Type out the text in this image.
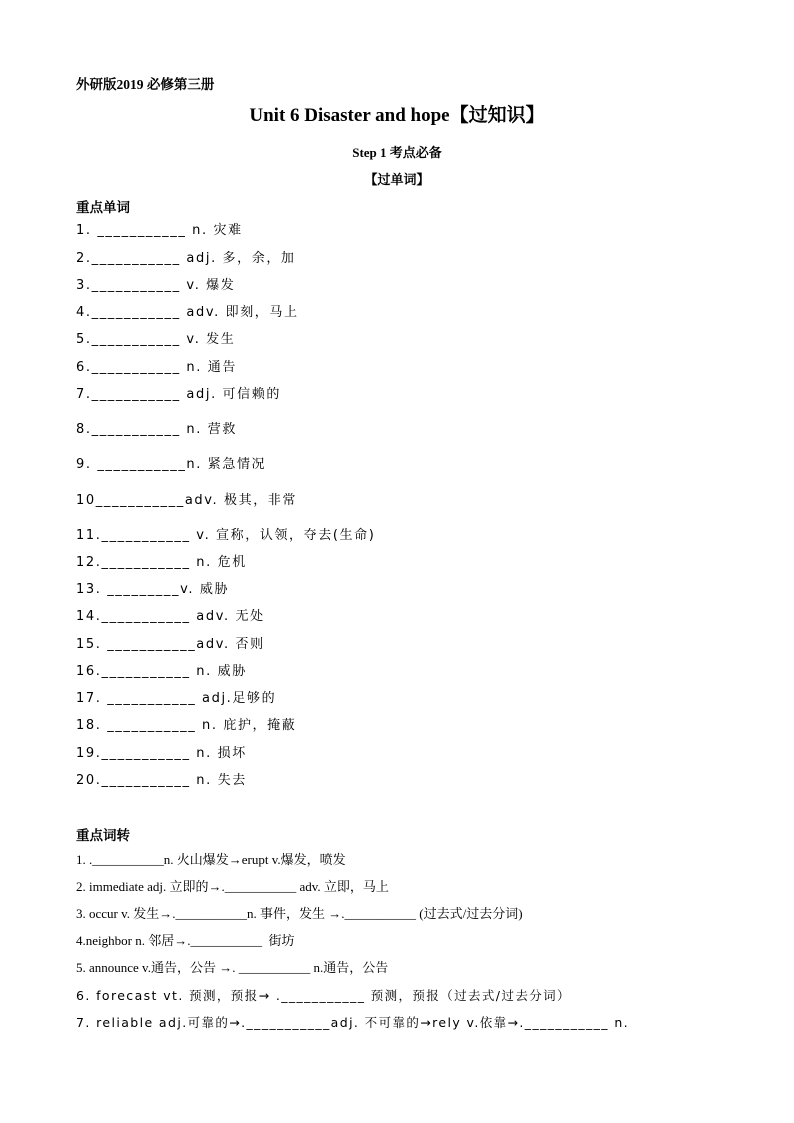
外研版2019 必修第三册
Unit 6 Disaster and hope【过知识】
Step 1 考点必备
【过单词】
重点单词
1. ___________ n. 灾难
2.___________ adj. 多，余，加
3.___________ v. 爆发
4.___________ adv. 即刻，马上
5.___________ v. 发生
6.___________ n. 通告
7.___________ adj. 可信赖的
8.___________ n. 营救
9. ___________n. 紧急情况
10___________adv. 极其，非常
11.___________ v. 宣称，认领，夺去(生命)
12.___________ n. 危机
13. _________v. 威胁
14.___________ adv. 无处
15. ___________adv. 否则
16.___________ n. 威胁
17. ___________ adj.足够的
18. ___________ n. 庇护，掩蔽
19.___________ n. 损坏
20.___________ n. 失去
重点词转
1. .___________n. 火山爆发→erupt v.爆发，喷发
2. immediate adj. 立即的→.___________ adv. 立即，马上
3. occur v. 发生→.___________n. 事件，发生 →.___________ (过去式/过去分词)
4.neighbor n. 邻居→.___________  街坊
5. announce v.通告，公告 →. ___________ n.通告，公告
6. forecast vt. 预测，预报→ .___________ 预测，预报（过去式/过去分词）
7. reliable adj.可靠的→.___________adj. 不可靠的→rely v.依靠→.___________ n.
